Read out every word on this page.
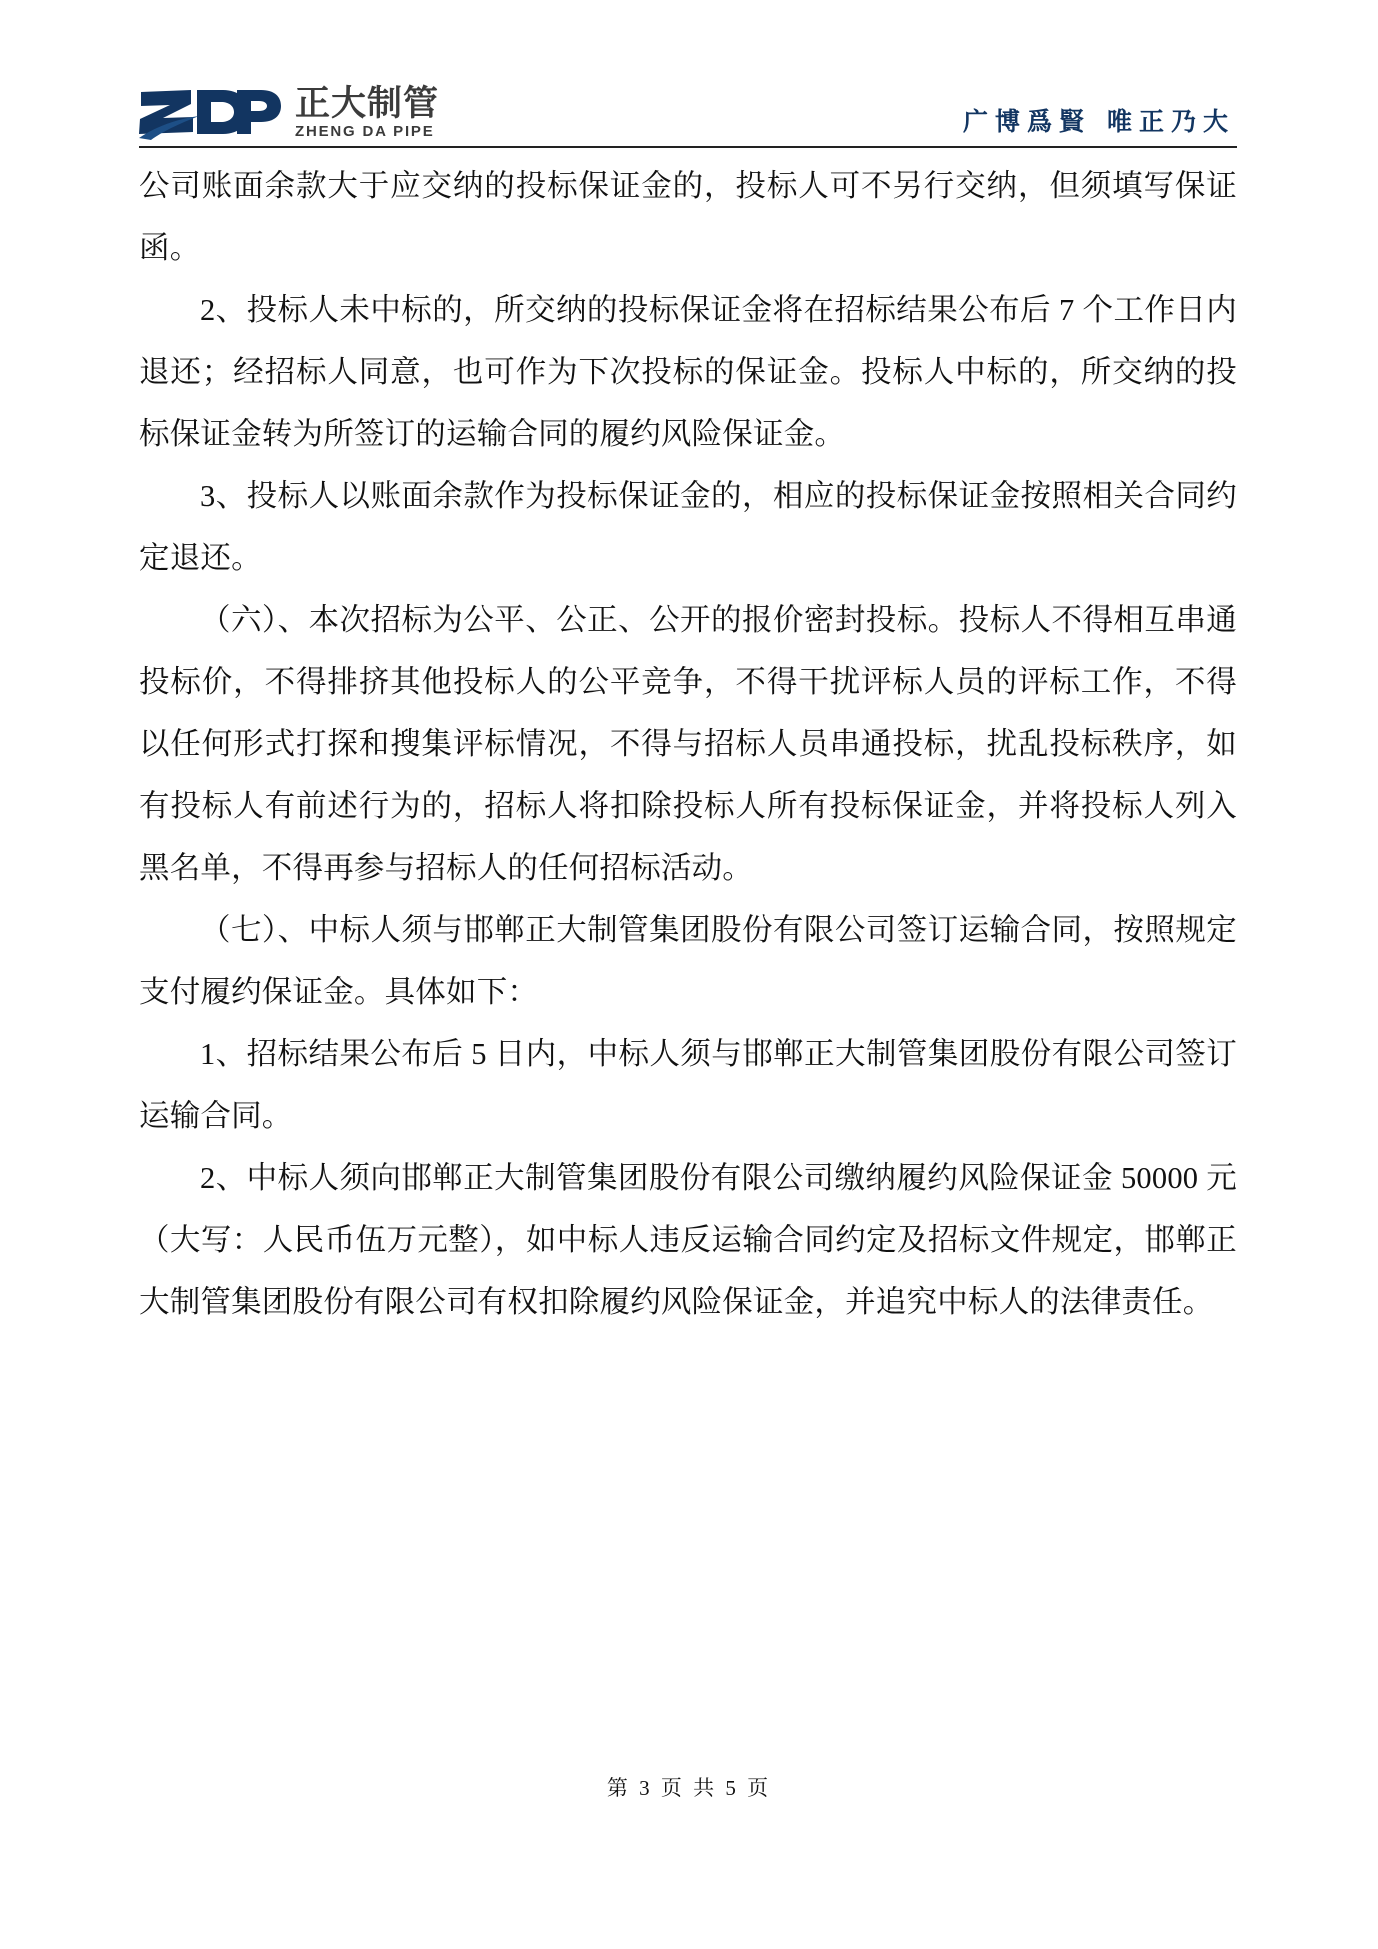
正大制管
ZHENG DA PIPE	广博爲賢 唯正乃大

公司账面余款大于应交纳的投标保证金的，投标人可不另行交纳，但须填写保证函。

2、投标人未中标的，所交纳的投标保证金将在招标结果公布后 7 个工作日内退还；经招标人同意，也可作为下次投标的保证金。投标人中标的，所交纳的投标保证金转为所签订的运输合同的履约风险保证金。

3、投标人以账面余款作为投标保证金的，相应的投标保证金按照相关合同约定退还。

（六）、本次招标为公平、公正、公开的报价密封投标。投标人不得相互串通投标价，不得排挤其他投标人的公平竞争，不得干扰评标人员的评标工作，不得以任何形式打探和搜集评标情况，不得与招标人员串通投标，扰乱投标秩序，如有投标人有前述行为的，招标人将扣除投标人所有投标保证金，并将投标人列入黑名单，不得再参与招标人的任何招标活动。

（七）、中标人须与邯郸正大制管集团股份有限公司签订运输合同，按照规定支付履约保证金。具体如下：

1、招标结果公布后 5 日内，中标人须与邯郸正大制管集团股份有限公司签订运输合同。

2、中标人须向邯郸正大制管集团股份有限公司缴纳履约风险保证金 50000 元（大写：人民币伍万元整），如中标人违反运输合同约定及招标文件规定，邯郸正大制管集团股份有限公司有权扣除履约风险保证金，并追究中标人的法律责任。

第 3 页 共 5 页
